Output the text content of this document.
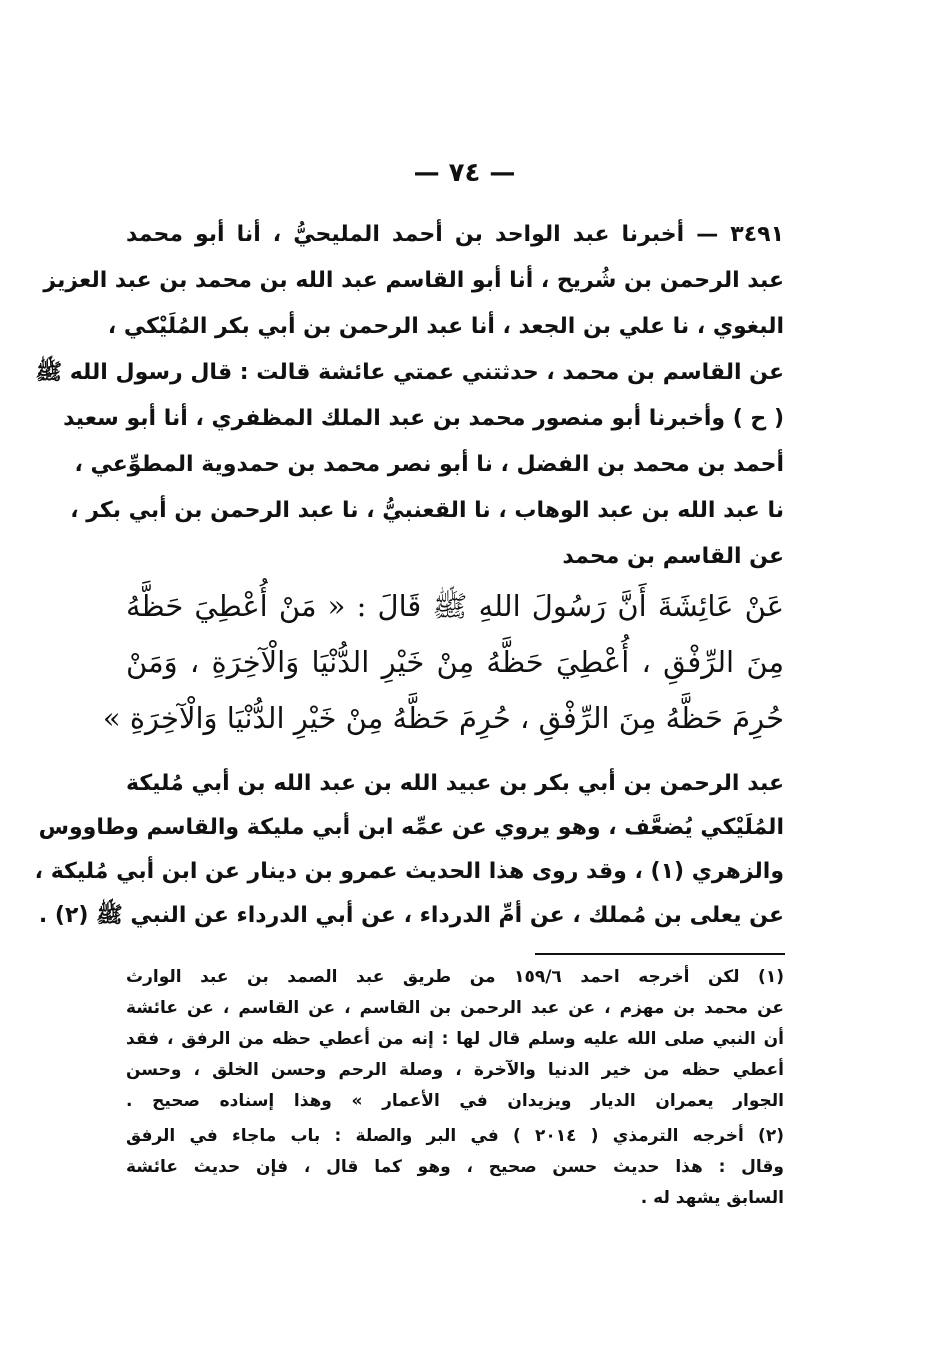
— ٧٤ —
٣٤٩١ — أخبرنا عبد الواحد بن أحمد المليحيُّ ، أنا أبو محمد
عبد الرحمن بن شُريح ، أنا أبو القاسم عبد الله بن محمد بن عبد العزيز
البغوي ، نا علي بن الجعد ، أنا عبد الرحمن بن أبي بكر المُلَيْكي ،
عن القاسم بن محمد ، حدثتني عمتي عائشة قالت : قال رسول الله ﷺ
( ح ) وأخبرنا أبو منصور محمد بن عبد الملك المظفري ، أنا أبو سعيد
أحمد بن محمد بن الفضل ، نا أبو نصر محمد بن حمدوية المطوِّعي ،
نا عبد الله بن عبد الوهاب ، نا القعنبيُّ ، نا عبد الرحمن بن أبي بكر ،
عن القاسم بن محمد
عَنْ عَائِشَةَ أَنَّ رَسُولَ اللهِ ﷺ قَالَ : « مَنْ أُعْطِيَ حَظَّهُ
مِنَ الرِّفْقِ ، أُعْطِيَ حَظَّهُ مِنْ خَيْرِ الدُّنْيَا وَالْآخِرَةِ ، وَمَنْ
حُرِمَ حَظَّهُ مِنَ الرِّفْقِ ، حُرِمَ حَظَّهُ مِنْ خَيْرِ الدُّنْيَا وَالْآخِرَةِ »
عبد الرحمن بن أبي بكر بن عبيد الله بن عبد الله بن أبي مُليكة
المُلَيْكي يُضعَّف ، وهو يروي عن عمِّه ابن أبي مليكة والقاسم وطاووس
والزهري (١) ، وقد روى هذا الحديث عمرو بن دينار عن ابن أبي مُليكة ،
عن يعلى بن مُملك ، عن أمِّ الدرداء ، عن أبي الدرداء عن النبي ﷺ (٢) .
(١) لكن أخرجه احمد ١٥٩/٦ من طريق عبد الصمد بن عبد الوارث
عن محمد بن مهزم ، عن عبد الرحمن بن القاسم ، عن القاسم ، عن عائشة
أن النبي صلى الله عليه وسلم قال لها : إنه من أعطي حظه من الرفق ، فقد
أعطي حظه من خير الدنيا والآخرة ، وصلة الرحم وحسن الخلق ، وحسن
الجوار يعمران الديار ويزيدان في الأعمار » وهذا إسناده صحيح .
(٢) أخرجه الترمذي ( ٢٠١٤ ) في البر والصلة : باب ماجاء في الرفق
وقال : هذا حديث حسن صحيح ، وهو كما قال ، فإن حديث عائشة
السابق يشهد له .
